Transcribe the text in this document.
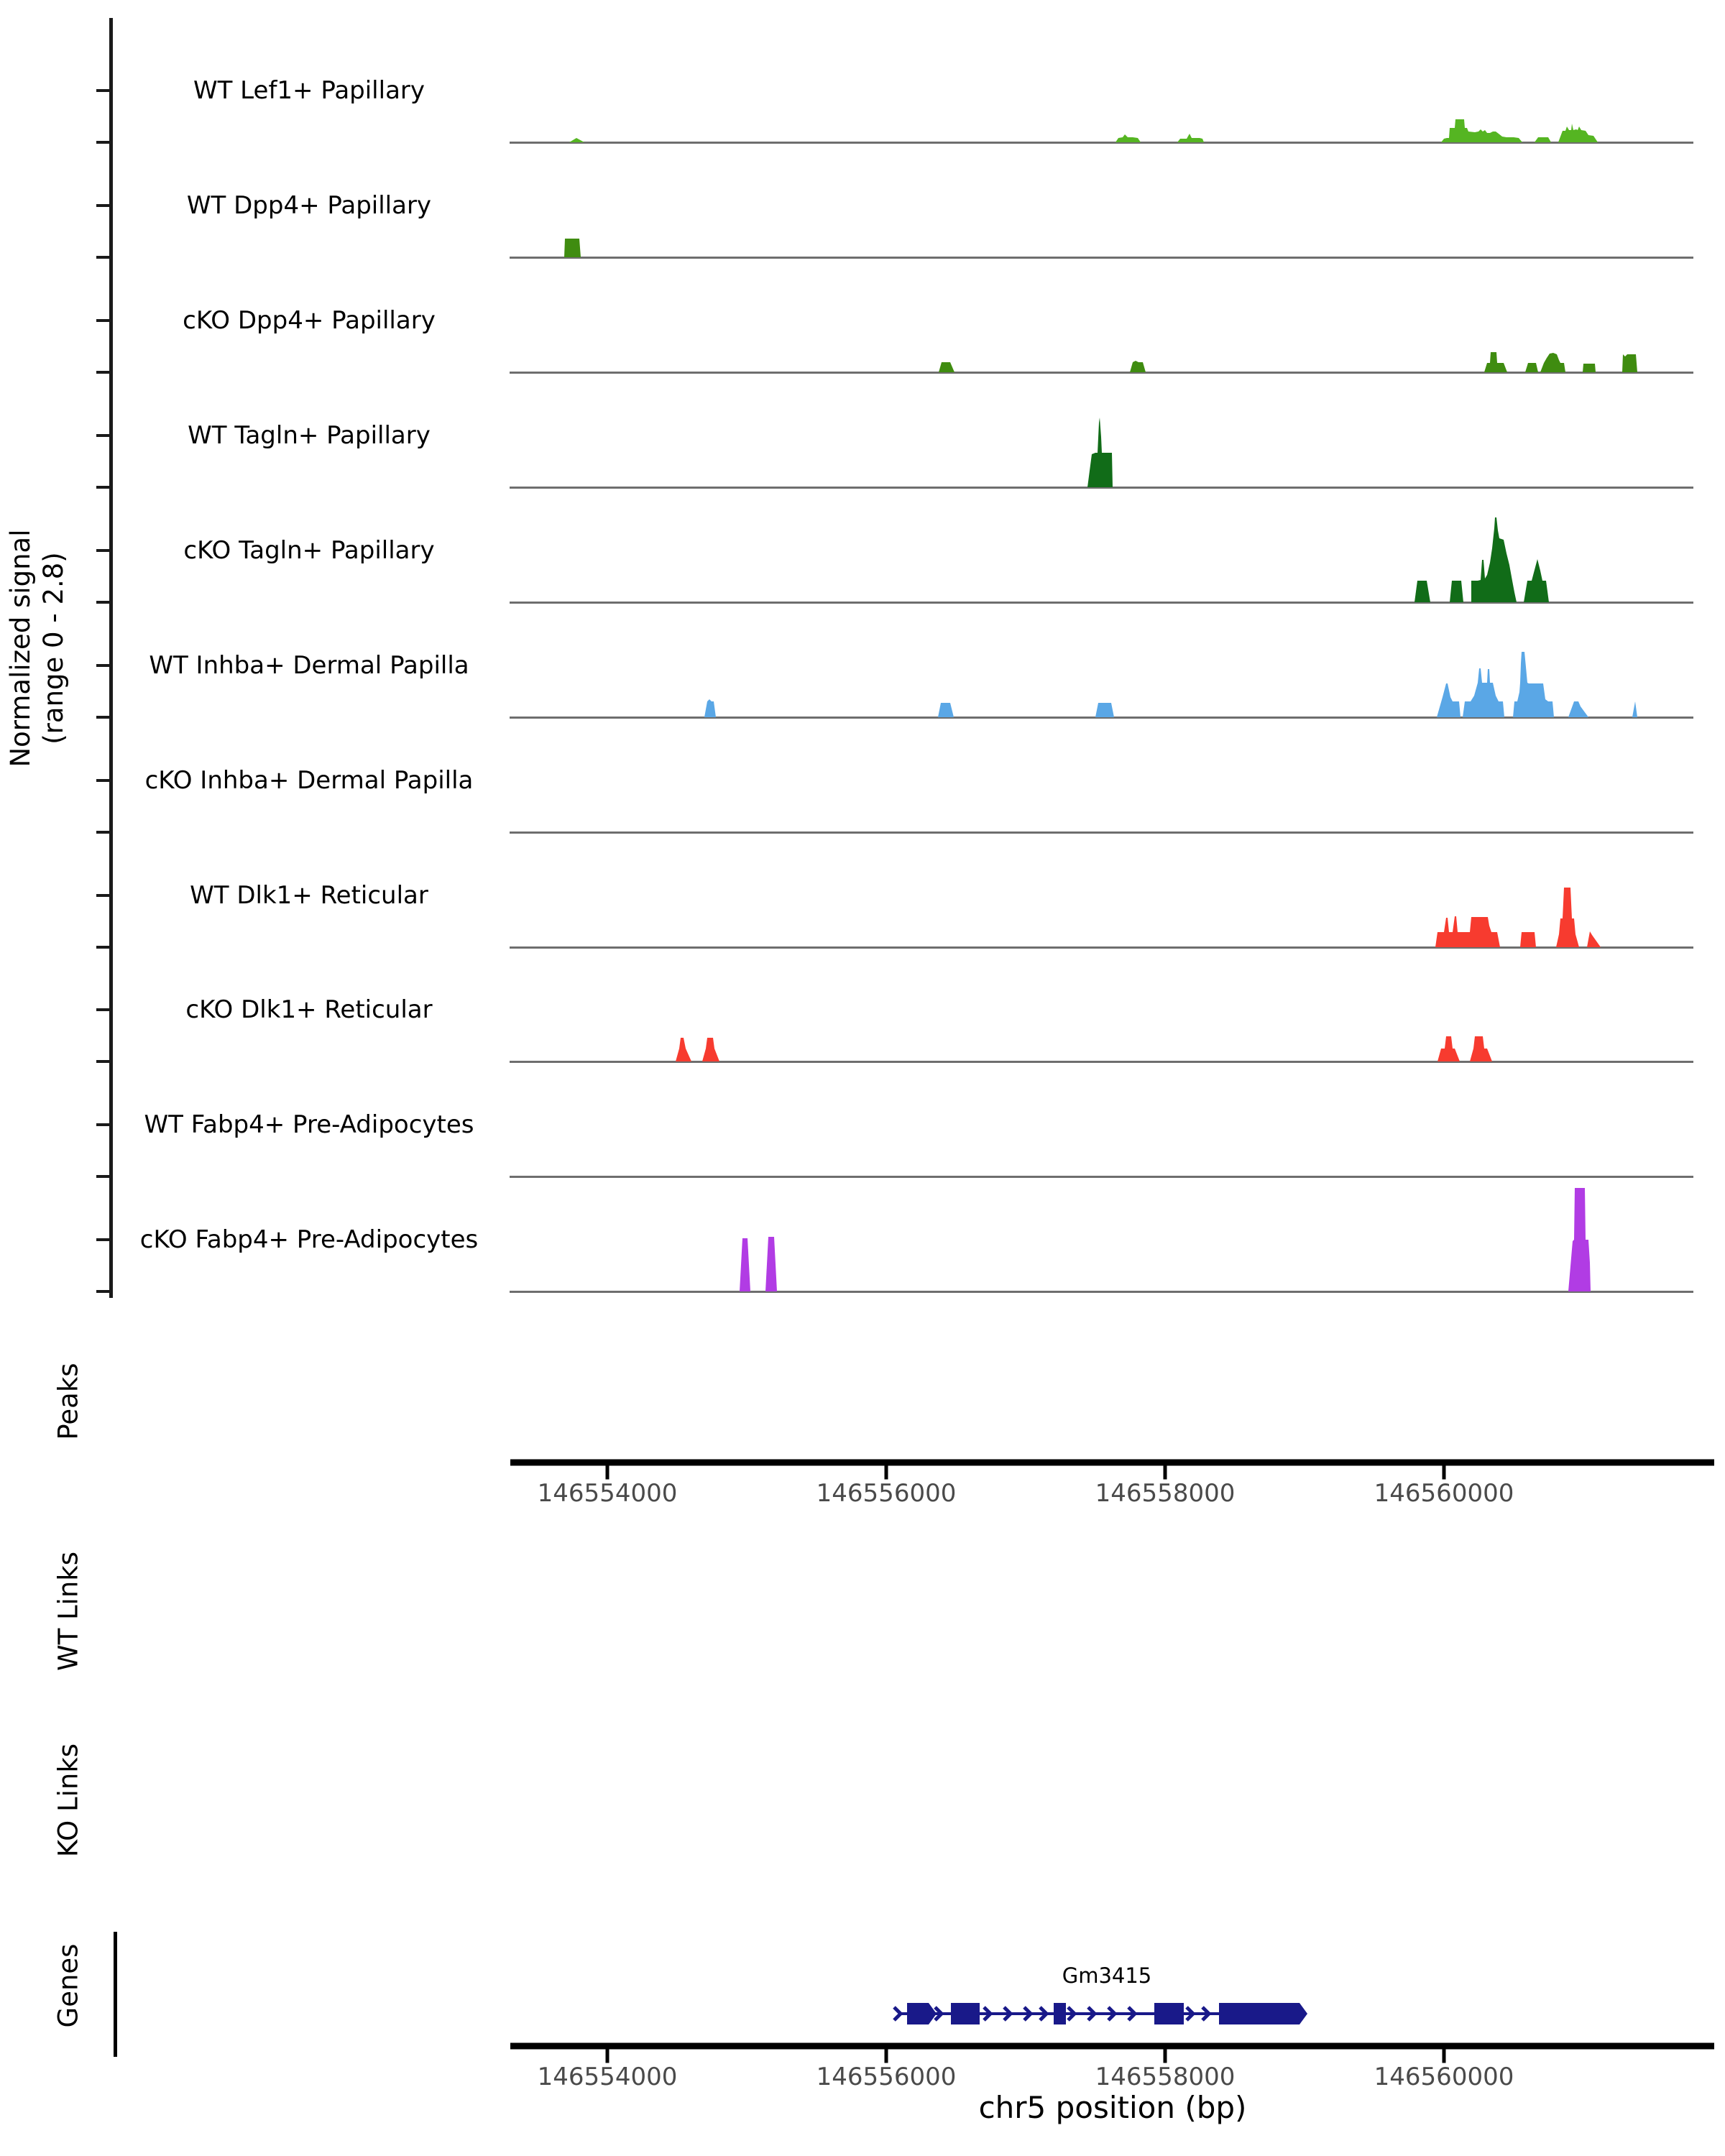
Normalized signal (range 0 - 2.8)
WT Lef1+ Papillary
WT Dpp4+ Papillary
cKO Dpp4+ Papillary
WT Tagln+ Papillary
cKO Tagln+ Papillary
WT Inhba+ Dermal Papilla
cKO Inhba+ Dermal Papilla
WT Dlk1+ Reticular
cKO Dlk1+ Reticular
WT Fabp4+ Pre-Adipocytes
cKO Fabp4+ Pre-Adipocytes
Peaks
WT Links
KO Links
Genes
146554000	146556000	146558000	146560000
146554000	146556000	146558000	146560000
Gm3415
chr5 position (bp)
